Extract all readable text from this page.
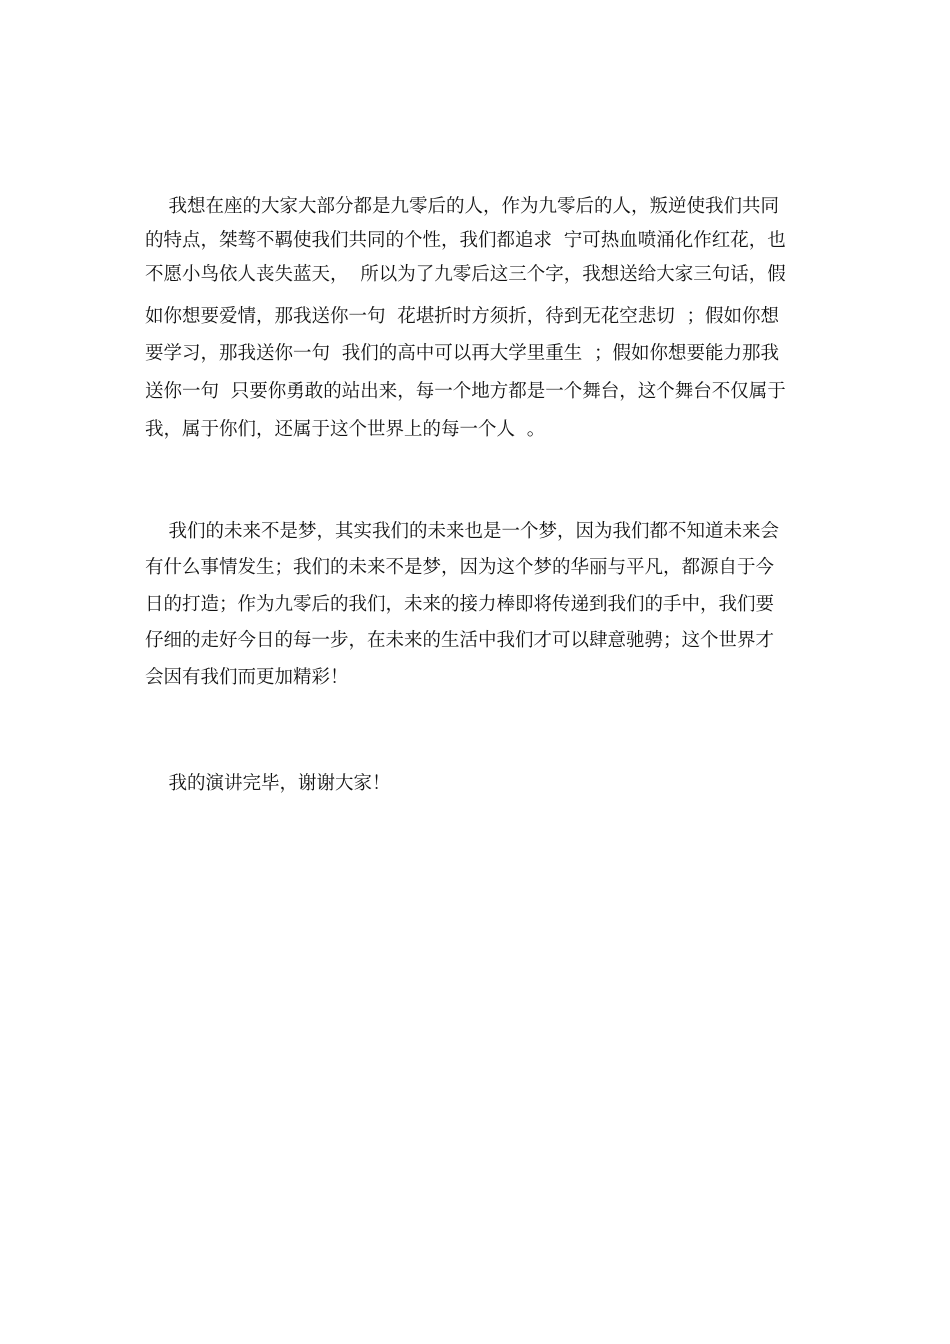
我想在座的大家大部分都是九零后的人，作为九零后的人，叛逆使我们共同
的特点，桀骜不羁使我们共同的个性，我们都追求  宁可热血喷涌化作红花，也
不愿小鸟依人丧失蓝天，  所以为了九零后这三个字，我想送给大家三句话，假
如你想要爱情，那我送你一句  花堪折时方须折，待到无花空悲切  ；假如你想
要学习，那我送你一句  我们的高中可以再大学里重生  ；假如你想要能力那我
送你一句  只要你勇敢的站出来，每一个地方都是一个舞台，这个舞台不仅属于
我，属于你们，还属于这个世界上的每一个人  。
我们的未来不是梦，其实我们的未来也是一个梦，因为我们都不知道未来会
有什么事情发生；我们的未来不是梦，因为这个梦的华丽与平凡，都源自于今
日的打造；作为九零后的我们，未来的接力棒即将传递到我们的手中，我们要
仔细的走好今日的每一步，在未来的生活中我们才可以肆意驰骋；这个世界才
会因有我们而更加精彩！
我的演讲完毕，谢谢大家！
